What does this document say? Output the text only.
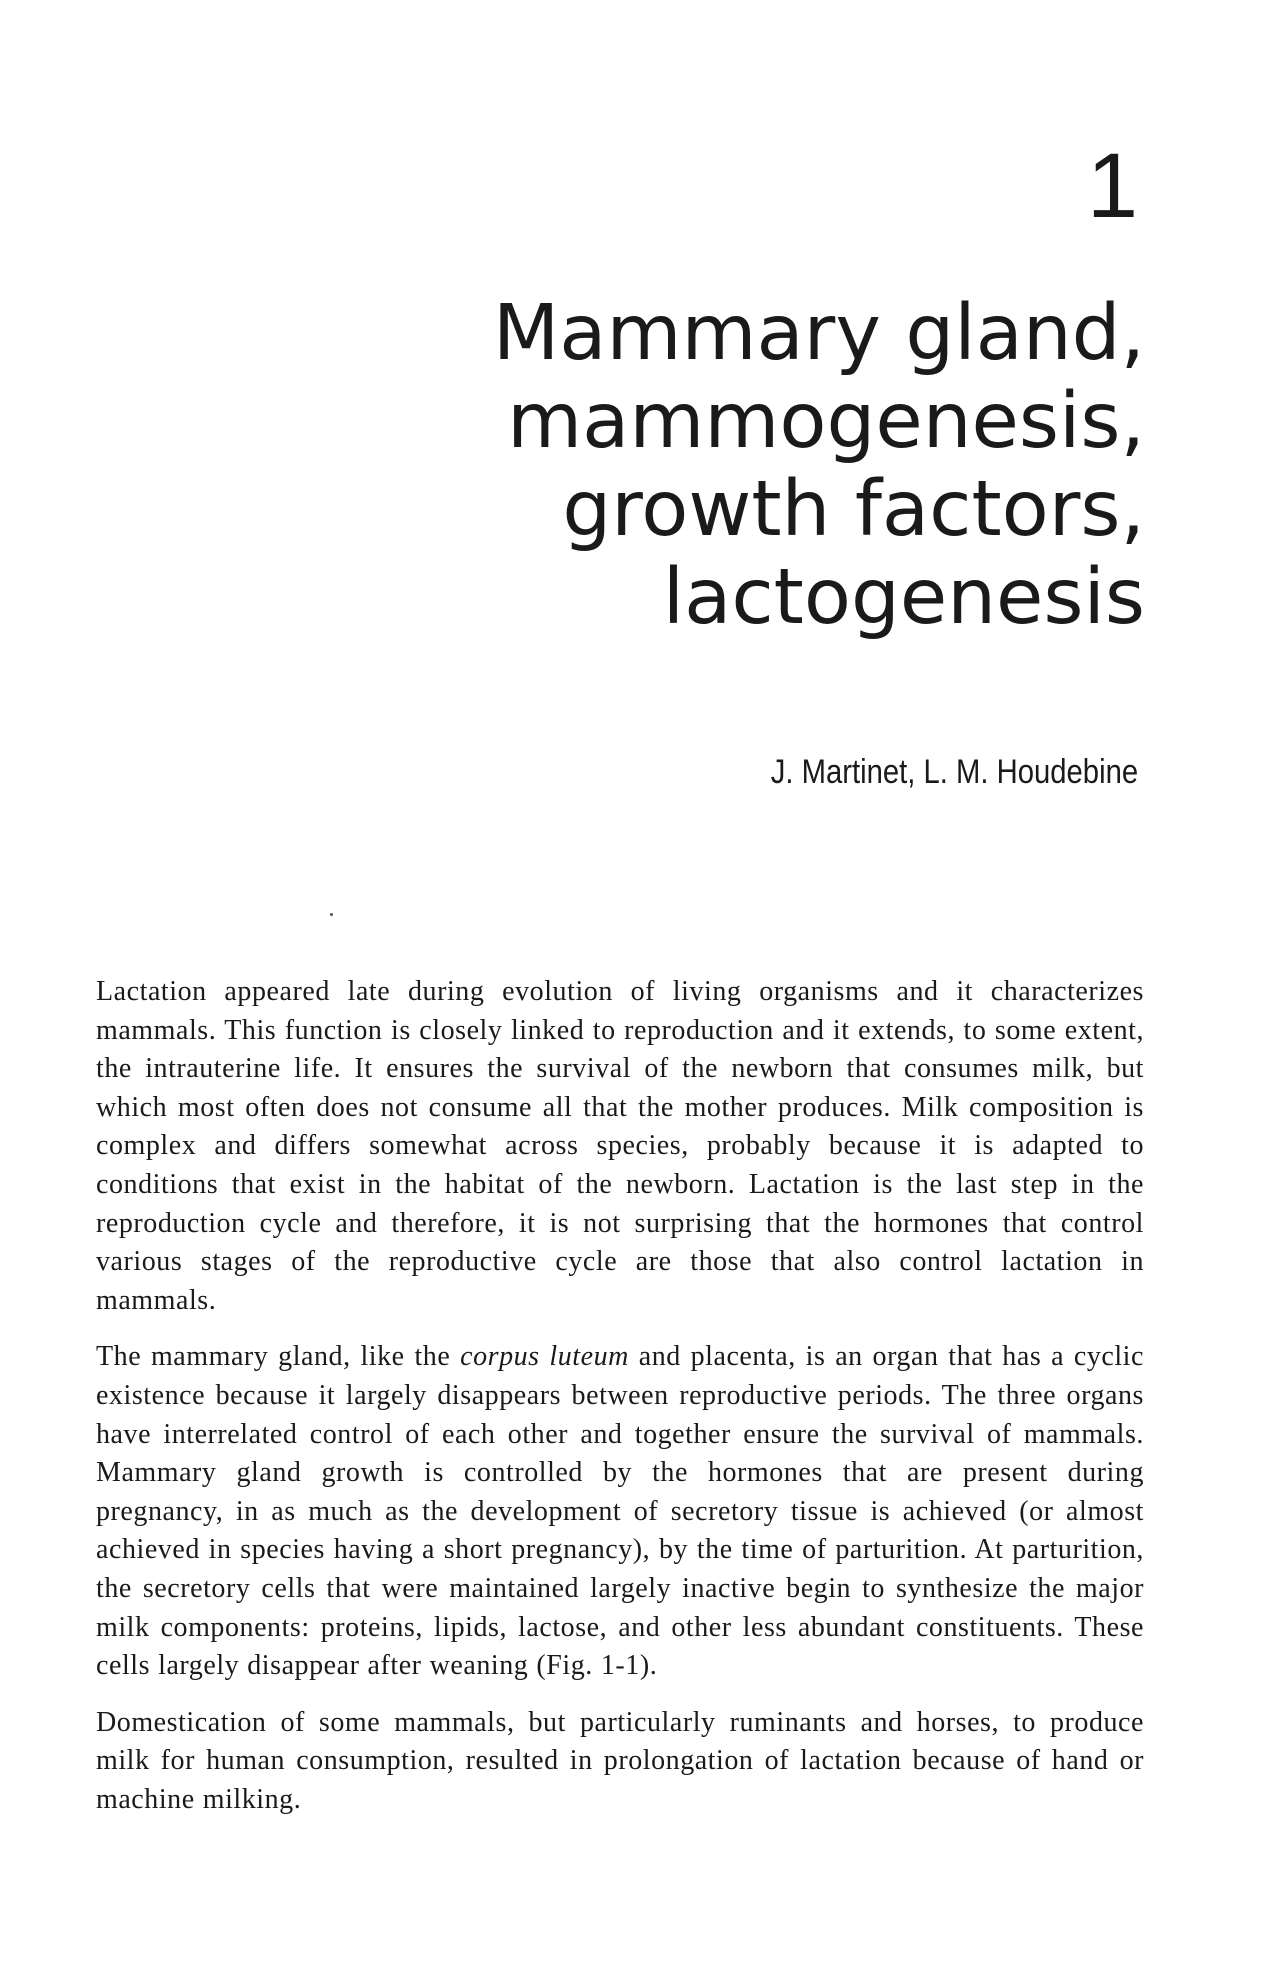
1
Mammary gland,
mammogenesis,
growth factors,
lactogenesis
J. Martinet, L. M. Houdebine

Lactation appeared late during evolution of living organisms and it characterizes mammals. This function is closely linked to reproduction and it extends, to some extent, the intrauterine life. It ensures the survival of the newborn that consumes milk, but which most often does not consume all that the mother produces. Milk composition is complex and differs somewhat across species, probably because it is adapted to conditions that exist in the habitat of the newborn. Lactation is the last step in the reproduction cycle and therefore, it is not surprising that the hormones that control various stages of the reproductive cycle are those that also control lactation in mammals.

The mammary gland, like the corpus luteum and placenta, is an organ that has a cyclic existence because it largely disappears between reproductive periods. The three organs have interrelated control of each other and together ensure the survival of mammals. Mammary gland growth is controlled by the hormones that are present during pregnancy, in as much as the development of secretory tissue is achieved (or almost achieved in species having a short pregnancy), by the time of parturition. At parturition, the secretory cells that were maintained largely inactive begin to synthesize the major milk components: proteins, lipids, lactose, and other less abundant constituents. These cells largely disappear after weaning (Fig. 1-1).

Domestication of some mammals, but particularly ruminants and horses, to produce milk for human consumption, resulted in prolongation of lactation because of hand or machine milking.
